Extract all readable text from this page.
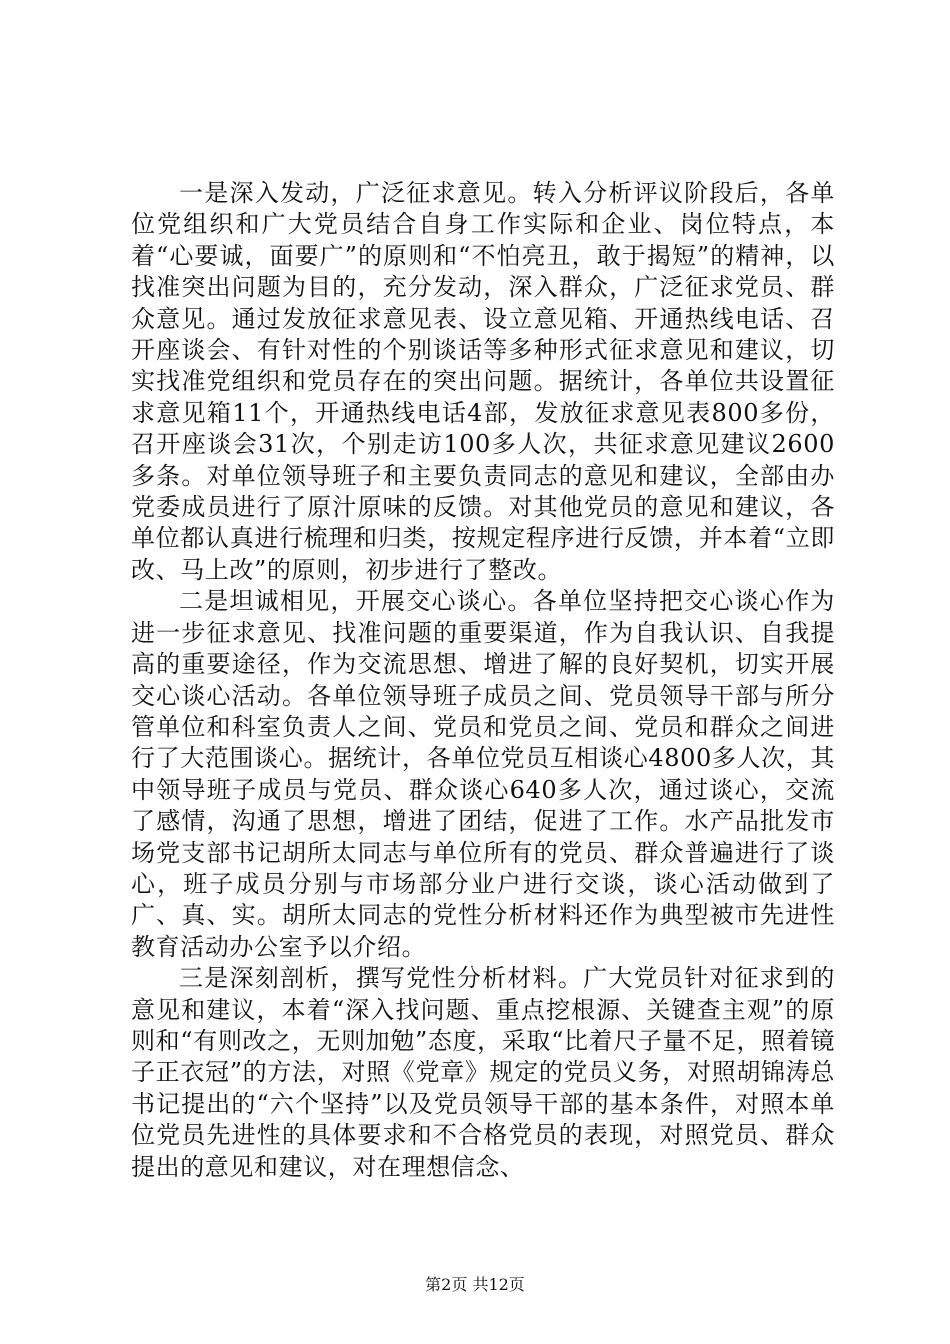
一是深入发动，广泛征求意见。转入分析评议阶段后，各单位党组织和广大党员结合自身工作实际和企业、岗位特点，本着“心要诚，面要广”的原则和“不怕亮丑，敢于揭短”的精神，以找准突出问题为目的，充分发动，深入群众，广泛征求党员、群众意见。通过发放征求意见表、设立意见箱、开通热线电话、召开座谈会、有针对性的个别谈话等多种形式征求意见和建议，切实找准党组织和党员存在的突出问题。据统计，各单位共设置征求意见箱11个，开通热线电话4部，发放征求意见表800多份，召开座谈会31次，个别走访100多人次，共征求意见建议2600多条。对单位领导班子和主要负责同志的意见和建议，全部由办党委成员进行了原汁原味的反馈。对其他党员的意见和建议，各单位都认真进行梳理和归类，按规定程序进行反馈，并本着“立即改、马上改”的原则，初步进行了整改。

二是坦诚相见，开展交心谈心。各单位坚持把交心谈心作为进一步征求意见、找准问题的重要渠道，作为自我认识、自我提高的重要途径，作为交流思想、增进了解的良好契机，切实开展交心谈心活动。各单位领导班子成员之间、党员领导干部与所分管单位和科室负责人之间、党员和党员之间、党员和群众之间进行了大范围谈心。据统计，各单位党员互相谈心4800多人次，其中领导班子成员与党员、群众谈心640多人次，通过谈心，交流了感情，沟通了思想，增进了团结，促进了工作。水产品批发市场党支部书记胡所太同志与单位所有的党员、群众普遍进行了谈心，班子成员分别与市场部分业户进行交谈，谈心活动做到了广、真、实。胡所太同志的党性分析材料还作为典型被市先进性教育活动办公室予以介绍。

三是深刻剖析，撰写党性分析材料。广大党员针对征求到的意见和建议，本着“深入找问题、重点挖根源、关键查主观”的原则和“有则改之，无则加勉”态度，采取“比着尺子量不足，照着镜子正衣冠”的方法，对照《党章》规定的党员义务，对照胡锦涛总书记提出的“六个坚持”以及党员领导干部的基本条件，对照本单位党员先进性的具体要求和不合格党员的表现，对照党员、群众提出的意见和建议，对在理想信念、

第2页 共12页
